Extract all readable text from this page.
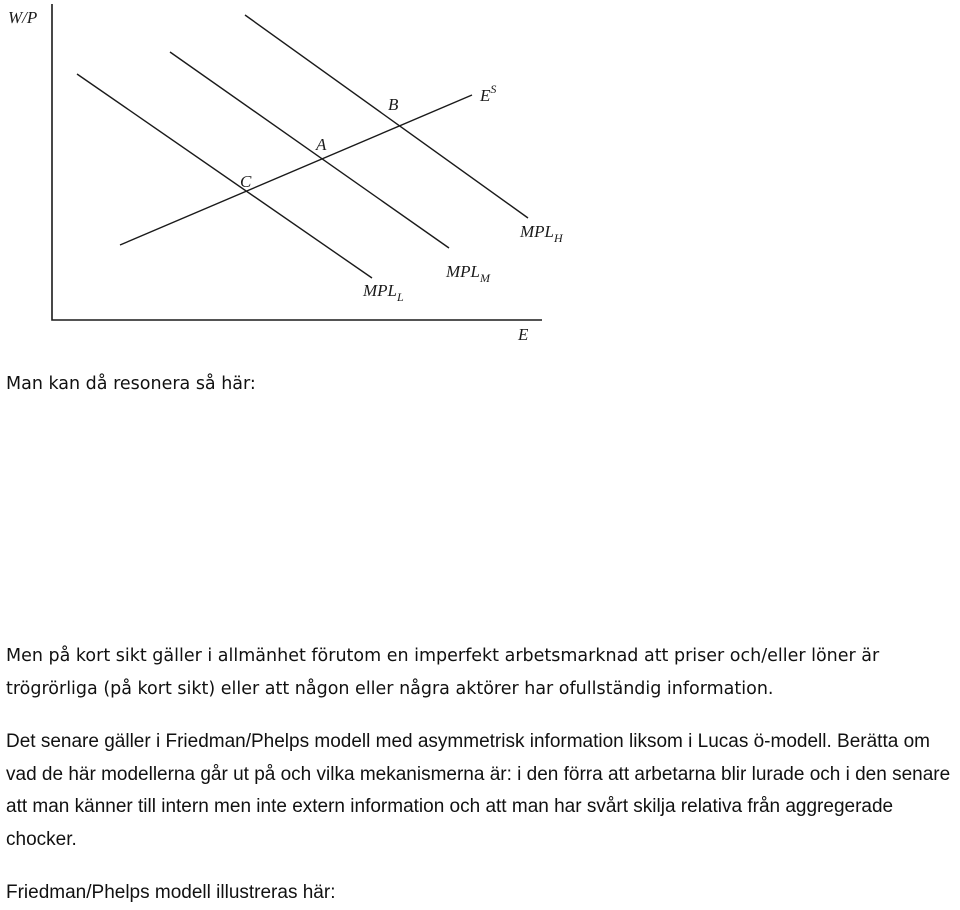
W/P
E
$E^S$
B
A
C
$MPL_H$
$MPL_M$
$MPL_L$

Man kan då resonera så här:

Men på kort sikt gäller i allmänhet förutom en imperfekt arbetsmarknad att priser och/eller löner är trögrörliga (på kort sikt) eller att någon eller några aktörer har ofullständig information.

Det senare gäller i Friedman/Phelps modell med asymmetrisk information liksom i Lucas ö-modell. Berätta om vad de här modellerna går ut på och vilka mekanismerna är: i den förra att arbetarna blir lurade och i den senare att man känner till intern men inte extern information och att man har svårt skilja relativa från aggregerade chocker.

Friedman/Phelps modell illustreras här:
